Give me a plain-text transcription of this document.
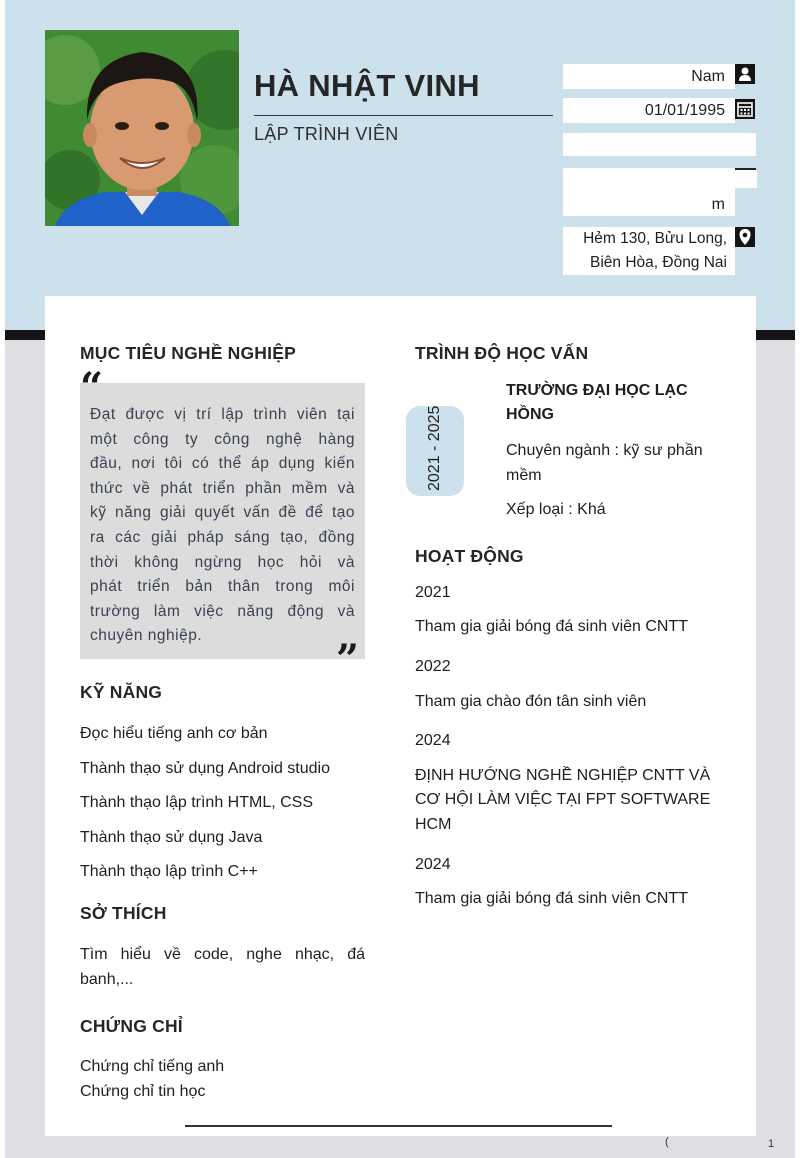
HÀ NHẬT VINH
LẬP TRÌNH VIÊN
Nam
01/01/1995
m
Hẻm 130, Bửu Long,
Biên Hòa, Đồng Nai
MỤC TIÊU NGHỀ NGHIỆP
“
Đạt được vị trí lập trình viên tại
một công ty công nghệ hàng
đầu, nơi tôi có thể áp dụng kiến
thức về phát triển phần mềm và
kỹ năng giải quyết vấn đề để tạo
ra các giải pháp sáng tạo, đồng
thời không ngừng học hỏi và
phát triển bản thân trong môi
trường làm việc năng động và
chuyên nghiệp.
”
KỸ NĂNG
Đọc hiểu tiếng anh cơ bản
Thành thạo sử dụng Android studio
Thành thạo lập trình HTML, CSS
Thành thạo sử dụng Java
Thành thạo lập trình C++
SỞ THÍCH
Tìm hiểu về code, nghe nhạc, đá
banh,...
CHỨNG CHỈ
Chứng chỉ tiếng anh
Chứng chỉ tin học
TRÌNH ĐỘ HỌC VẤN
2021 - 2025
TRƯỜNG ĐẠI HỌC LẠC
HỒNG
Chuyên ngành : kỹ sư phần
mềm
Xếp loại : Khá
HOẠT ĐỘNG
2021
Tham gia giải bóng đá sinh viên CNTT
2022
Tham gia chào đón tân sinh viên
2024
ĐỊNH HƯỚNG NGHỀ NGHIỆP CNTT VÀ
CƠ HỘI LÀM VIỆC TẠI FPT SOFTWARE
HCM
2024
Tham gia giải bóng đá sinh viên CNTT
(	1
